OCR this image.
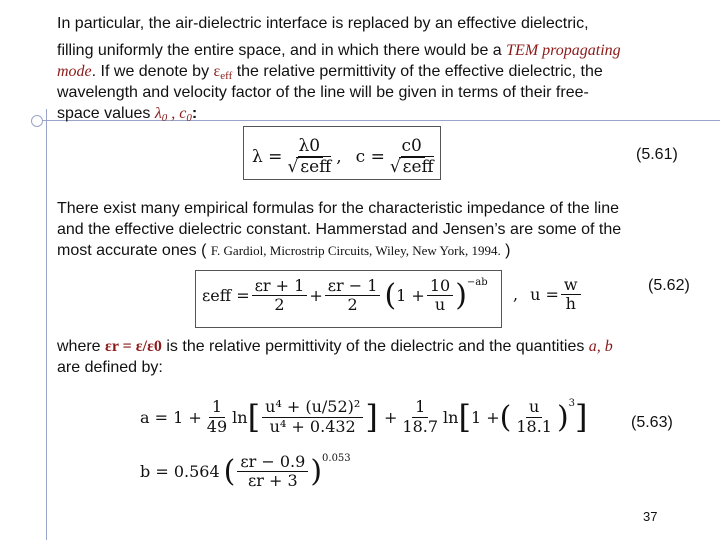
In particular, the air-dielectric interface is replaced by an effective dielectric,
filling uniformly the entire space, and in which there would be a TEM propagating
mode. If we denote by $\varepsilon_{eff}$ the relative permittivity of the effective dielectric, the
wavelength and velocity factor of the line will be given in terms of their free-
space values $\lambda_0$ , $c_0$:
$\lambda = \frac{\lambda 0}{\text{√ εeff}}$ , $c = \frac{c0}{\text{√ εeff}}$	(5.61)
There exist many empirical formulas for the characteristic impedance of the line
and the effective dielectric constant. Hammerstad and Jensen’s are some of the
most accurate ones ( F. Gardiol, Microstrip Circuits, Wiley, New York, 1994. )
$\varepsilon eff = \frac{\varepsilon r + 1}{2} + \frac{\varepsilon r - 1}{2}$ ( $1 + \frac{10}{u}$ ) −ab
, $u = \frac{w}{h}$	(5.62)
where εr = ε/ε0 is the relative permittivity of the dielectric and the quantities a, b
are defined by:
$a = 1 + \frac{1}{49}$ ln [ $\frac{\text{u⁴ + (u/52)²}}{\text{u⁴ + 0.432}}$ ] + $\frac{1}{18.7}$ ln [ 1 + ( $\frac{u}{18.1}$ ) 3 ]	(5.63)
b = 0.564 ( $\frac{\varepsilon r - 0.9}{\varepsilon r + 3}$ ) 0.053
37
